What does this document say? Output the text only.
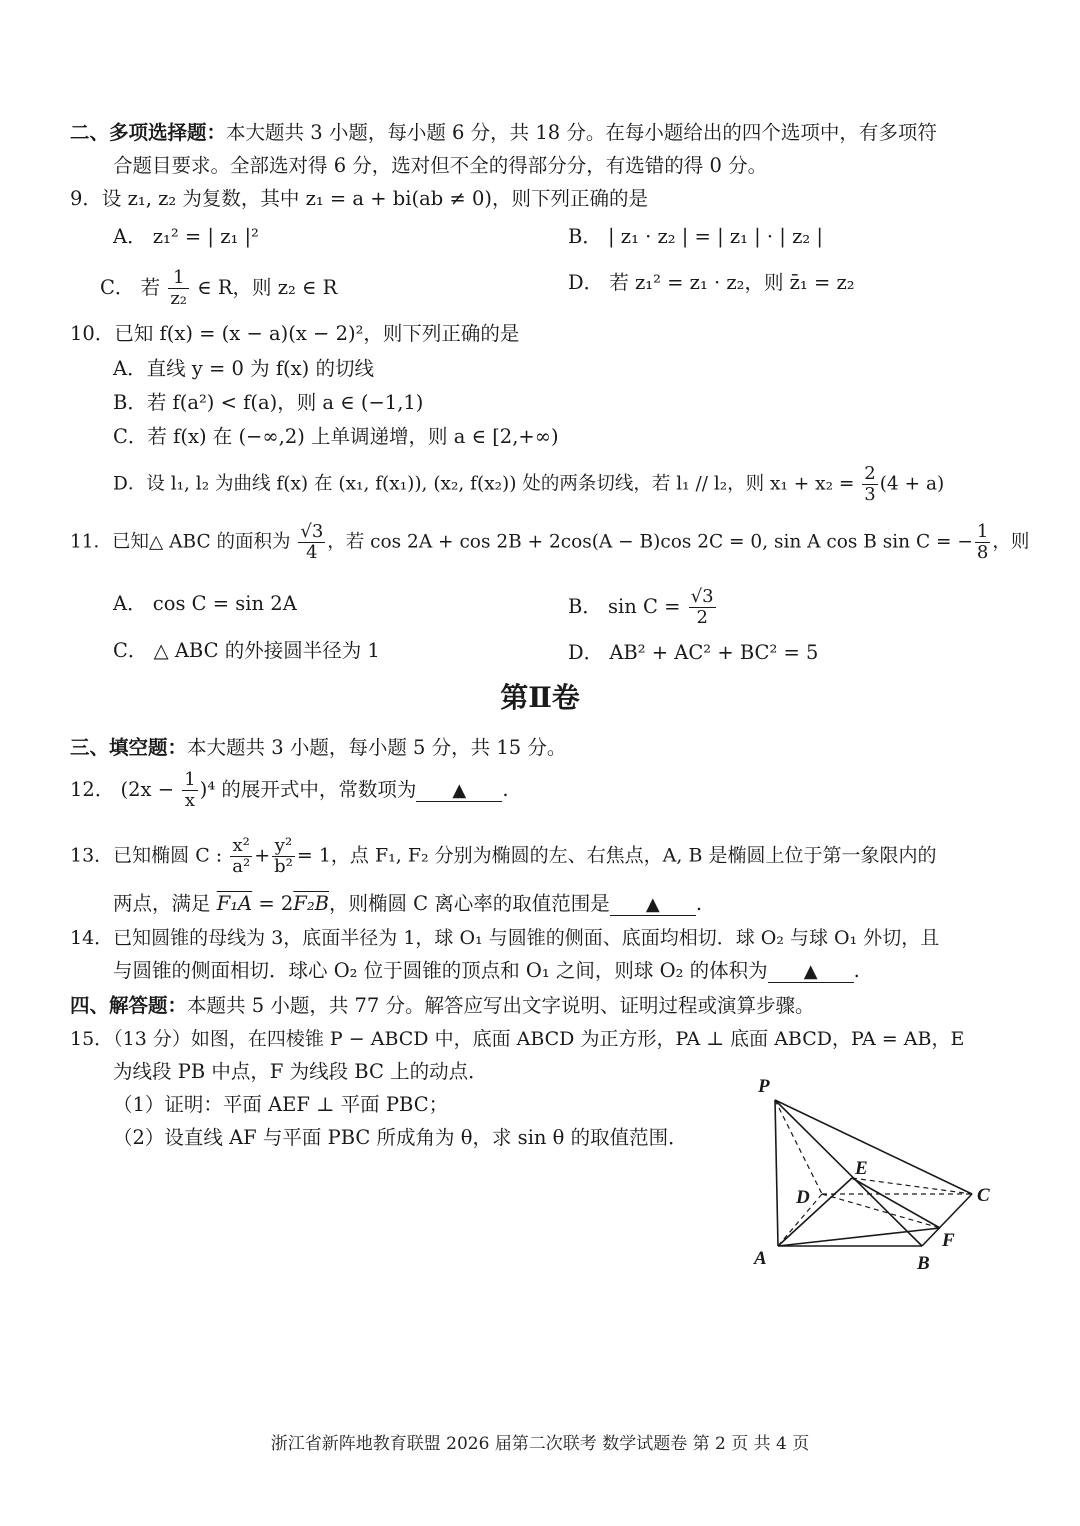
二、多项选择题：本大题共 3 小题，每小题 6 分，共 18 分。在每小题给出的四个选项中，有多项符
合题目要求。全部选对得 6 分，选对但不全的得部分分，有选错的得 0 分。
9．设 z₁, z₂ 为复数，其中 z₁ = a + bi(ab ≠ 0)，则下列正确的是
A． z₁² = | z₁ |²	B． | z₁ · z₂ | = | z₁ | · | z₂ |
C． 若 $\frac{1}{\text{z₂}}$ ∈ R，则 z₂ ∈ R	D． 若 z₁² = z₁ · z₂，则 z̄₁ = z₂
10．已知 f(x) = (x − a)(x − 2)²，则下列正确的是
A．直线 y = 0 为 f(x) 的切线
B．若 f(a²) < f(a)，则 a ∈ (−1,1)
C．若 f(x) 在 (−∞,2) 上单调递增，则 a ∈ [2,+∞)
D．设 l₁, l₂ 为曲线 f(x) 在 (x₁, f(x₁)), (x₂, f(x₂)) 处的两条切线，若 l₁ // l₂，则 $x_1 + x_2 = \frac{2}{3} (4 + a)$
11．已知△ ABC 的面积为 $\frac{√3}{4}$ ，若 cos 2A + cos 2B + 2cos(A − B)cos 2C = 0, sin A cos B sin C = − $\frac{1}{8}$ ，则
A． cos C = sin 2A	B． $\sin C = \frac{√3}{2}$
C． △ ABC 的外接圆半径为 1	D． AB² + AC² + BC² = 5
第Ⅱ卷
三、填空题：本大题共 3 小题，每小题 5 分，共 15 分。
12． $(2x - \frac{1}{x} )^4$ 的展开式中，常数项为 ▲ .
13．已知椭圆 C : $\frac{\text{x²}}{\text{a²}} + \frac{\text{y²}}{\text{b²}} = 1$，点 F₁, F₂ 分别为椭圆的左、右焦点，A, B 是椭圆上位于第一象限内的
两点，满足 F₁A = 2F₂B，则椭圆 C 离心率的取值范围是 ▲ .
14．已知圆锥的母线为 3，底面半径为 1，球 O₁ 与圆锥的侧面、底面均相切．球 O₂ 与球 O₁ 外切，且
与圆锥的侧面相切．球心 O₂ 位于圆锥的顶点和 O₁ 之间，则球 O₂ 的体积为 ▲ .
四、解答题：本题共 5 小题，共 77 分。解答应写出文字说明、证明过程或演算步骤。
15．（13 分）如图，在四棱锥 P − ABCD 中，底面 ABCD 为正方形，PA ⊥ 底面 ABCD，PA = AB，E
为线段 PB 中点，F 为线段 BC 上的动点．
（1）证明：平面 AEF ⊥ 平面 PBC；
（2）设直线 AF 与平面 PBC 所成角为 θ，求 sin θ 的取值范围．
P
E
D	C
F
A	B
浙江省新阵地教育联盟 2026 届第二次联考 数学试题卷 第 2 页 共 4 页
